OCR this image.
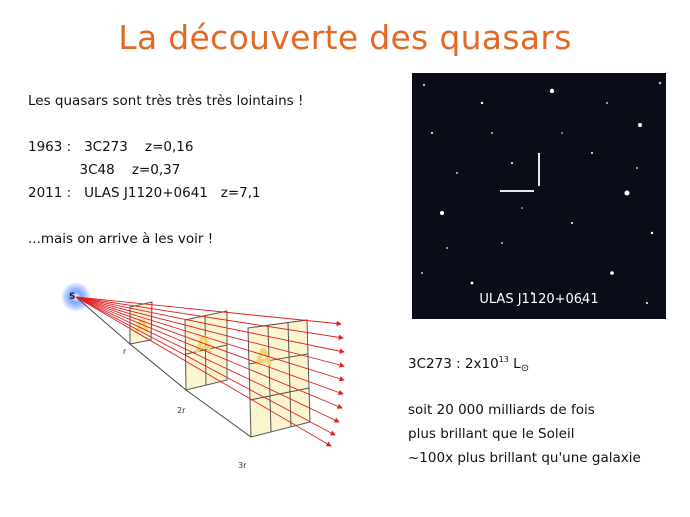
La découverte des quasars
Les quasars sont très très très lointains !
1963 :   3C273    z=0,16
3C48    z=0,37
2011 :   ULAS J1120+0641   z=7,1
...mais on arrive à les voir !
ULAS J1120+0641
S
A
A
A
r
2r
3r
3C273 : $2x10^{13}$ $L_⊙$
soit 20 000 milliards de fois
plus brillant que le Soleil
~100x plus brillant qu'une galaxie
